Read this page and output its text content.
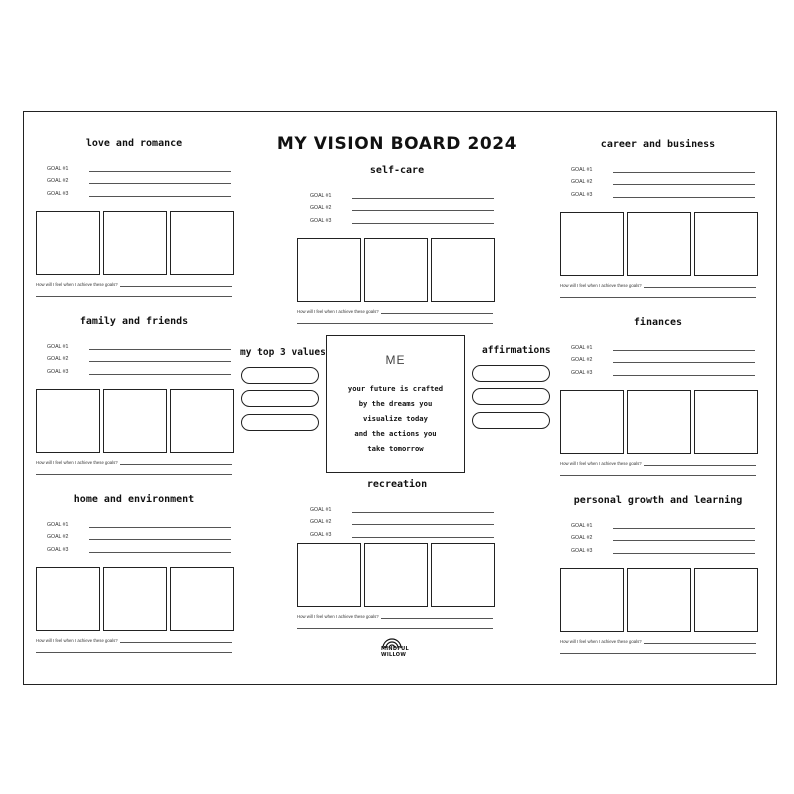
MY VISION BOARD 2024
love and romance
GOAL #1
GOAL #2
GOAL #3
How will I feel when I achieve these goals?
family and friends
GOAL #1
GOAL #2
GOAL #3
How will I feel when I achieve these goals?
home and environment
GOAL #1
GOAL #2
GOAL #3
How will I feel when I achieve these goals?
self-care
GOAL #1
GOAL #2
GOAL #3
How will I feel when I achieve these goals?
my top 3 values
ME
your future is crafted
by the dreams you
visualize today
and the actions you
take tomorrow
affirmations
recreation
GOAL #1
GOAL #2
GOAL #3
How will I feel when I achieve these goals?
career and business
GOAL #1
GOAL #2
GOAL #3
How will I feel when I achieve these goals?
finances
GOAL #1
GOAL #2
GOAL #3
How will I feel when I achieve these goals?
personal growth and learning
GOAL #1
GOAL #2
GOAL #3
How will I feel when I achieve these goals?
MINDFUL
WILLOW
